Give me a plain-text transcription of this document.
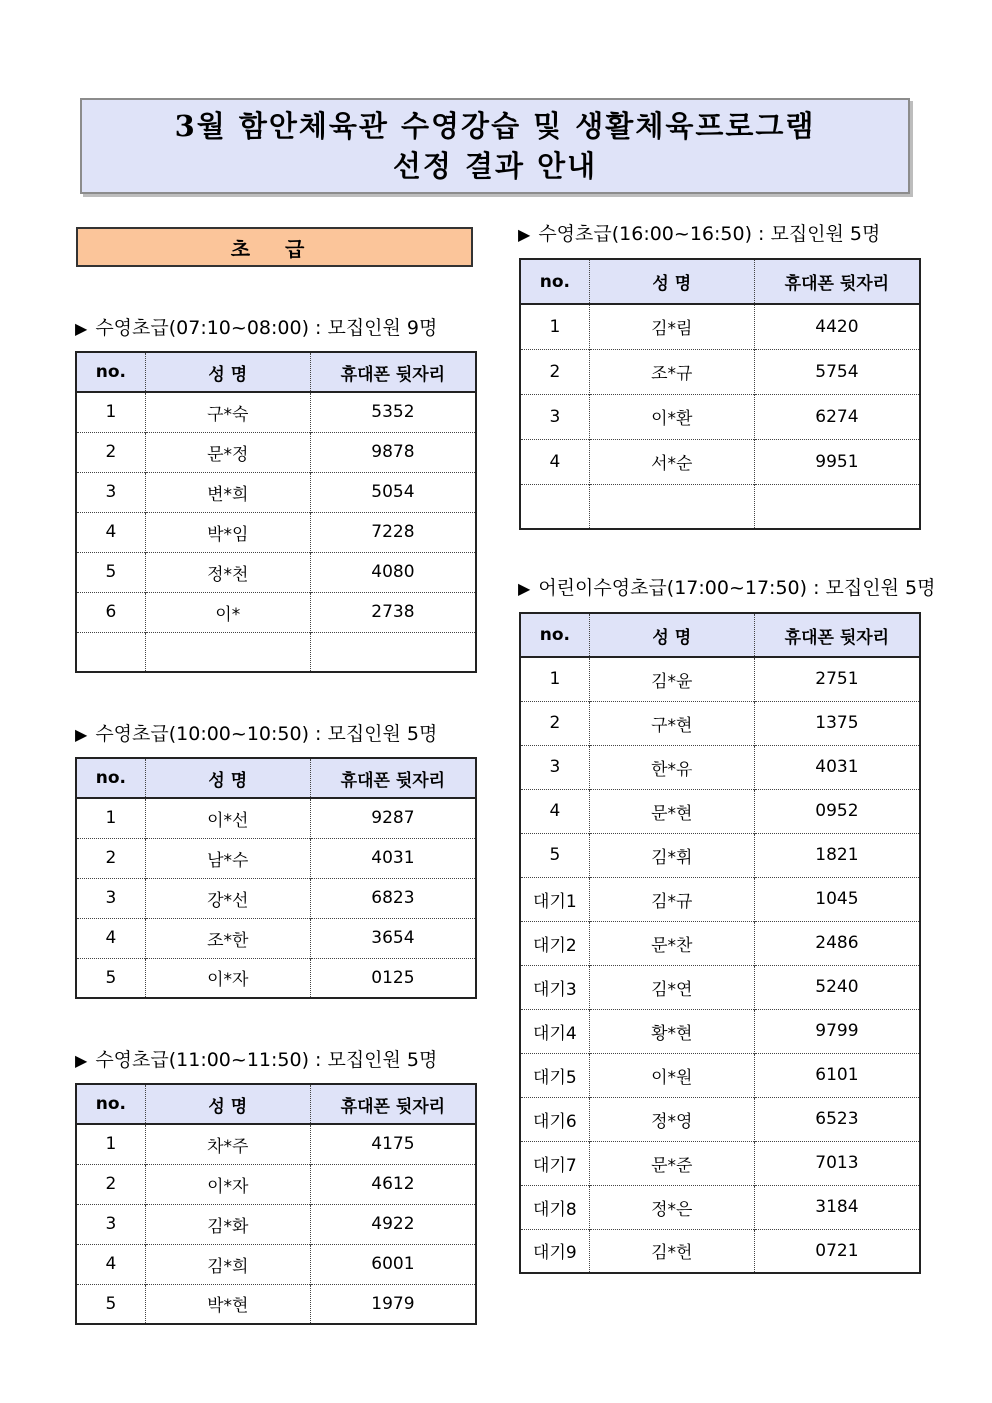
3월 함안체육관 수영강습 및 생활체육프로그램
선정 결과 안내
초 급
▶ 수영초급(07:10~08:00) : 모집인원 9명
no.	성 명	휴대폰 뒷자리
1	구*숙	5352
2	문*정	9878
3	변*희	5054
4	박*임	7228
5	정*천	4080
6	이*	2738

▶ 수영초급(10:00~10:50) : 모집인원 5명
no.	성 명	휴대폰 뒷자리
1	이*선	9287
2	남*수	4031
3	강*선	6823
4	조*한	3654
5	이*자	0125
▶ 수영초급(11:00~11:50) : 모집인원 5명
no.	성 명	휴대폰 뒷자리
1	차*주	4175
2	이*자	4612
3	김*화	4922
4	김*희	6001
5	박*현	1979
▶ 수영초급(16:00~16:50) : 모집인원 5명
no.	성 명	휴대폰 뒷자리
1	김*림	4420
2	조*규	5754
3	이*환	6274
4	서*순	9951

▶ 어린이수영초급(17:00~17:50) : 모집인원 5명
no.	성 명	휴대폰 뒷자리
1	김*윤	2751
2	구*현	1375
3	한*유	4031
4	문*현	0952
5	김*휘	1821
대기1	김*규	1045
대기2	문*찬	2486
대기3	김*연	5240
대기4	황*현	9799
대기5	이*원	6101
대기6	정*영	6523
대기7	문*준	7013
대기8	정*은	3184
대기9	김*헌	0721
